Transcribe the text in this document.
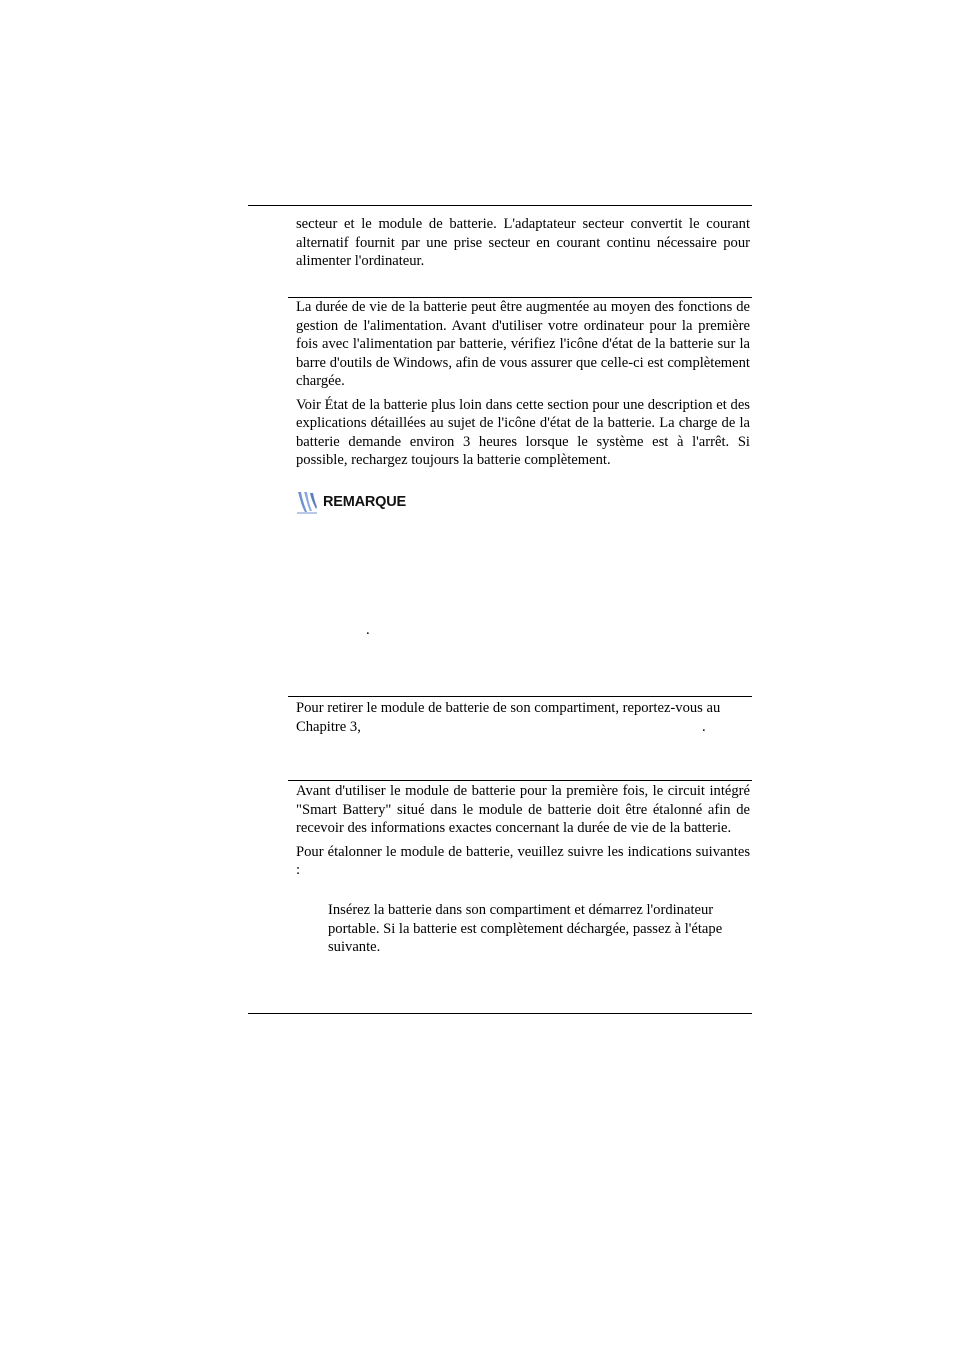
secteur et le module de batterie. L'adaptateur secteur convertit le courant alternatif fournit par une prise secteur en courant continu nécessaire pour alimenter l'ordinateur.

La durée de vie de la batterie peut être augmentée au moyen des fonctions de gestion de l'alimentation. Avant d'utiliser votre ordinateur pour la première fois avec l'alimentation par batterie, vérifiez l'icône d'état de la batterie sur la barre d'outils de Windows, afin de vous assurer que celle-ci est complètement chargée.

Voir État de la batterie plus loin dans cette section pour une description et des explications détaillées au sujet de l'icône d'état de la batterie. La charge de la batterie demande environ 3 heures lorsque le système est à l'arrêt. Si possible, rechargez toujours la batterie complètement.

REMARQUE
.

Pour retirer le module de batterie de son compartiment, reportez-vous au Chapitre 3,	.

Avant d'utiliser le module de batterie pour la première fois, le circuit intégré "Smart Battery" situé dans le module de batterie doit être étalonné afin de recevoir des informations exactes concernant la durée de vie de la batterie.

Pour étalonner le module de batterie, veuillez suivre les indications suivantes :

Insérez la batterie dans son compartiment et démarrez l'ordinateur portable. Si la batterie est complètement déchargée, passez à l'étape suivante.
